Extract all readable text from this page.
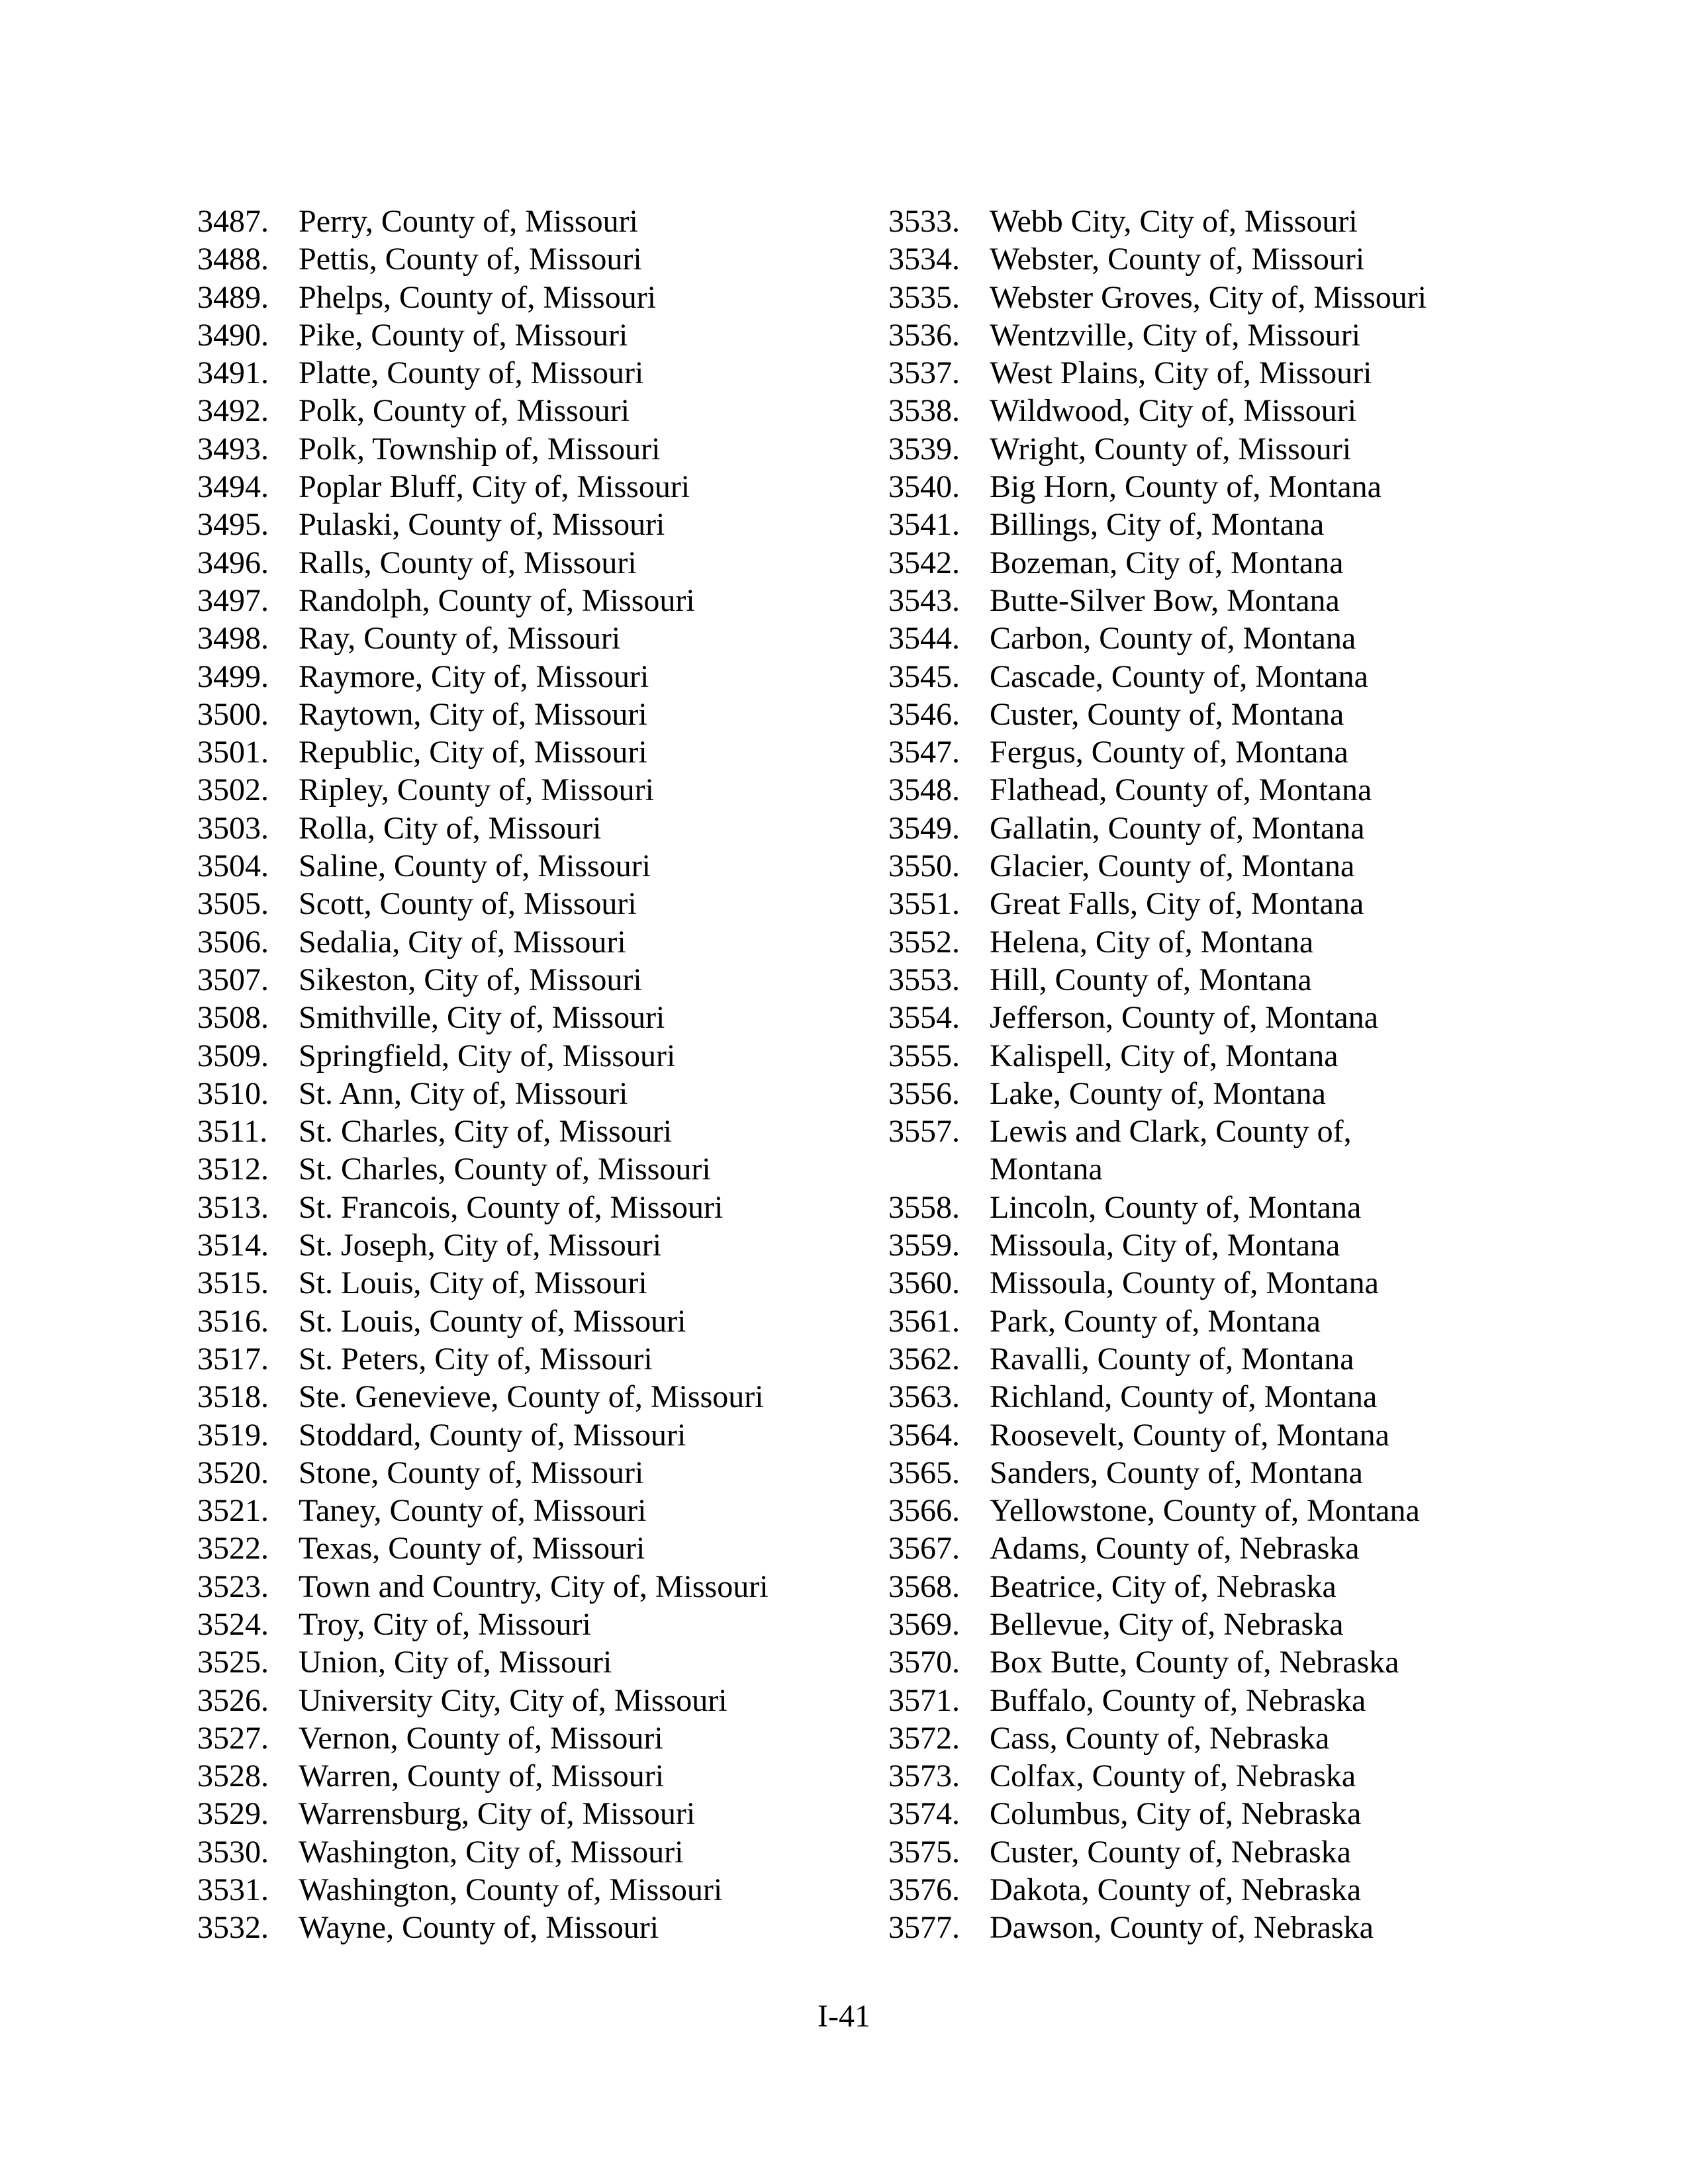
3487. Perry, County of, Missouri
3488. Pettis, County of, Missouri
3489. Phelps, County of, Missouri
3490. Pike, County of, Missouri
3491. Platte, County of, Missouri
3492. Polk, County of, Missouri
3493. Polk, Township of, Missouri
3494. Poplar Bluff, City of, Missouri
3495. Pulaski, County of, Missouri
3496. Ralls, County of, Missouri
3497. Randolph, County of, Missouri
3498. Ray, County of, Missouri
3499. Raymore, City of, Missouri
3500. Raytown, City of, Missouri
3501. Republic, City of, Missouri
3502. Ripley, County of, Missouri
3503. Rolla, City of, Missouri
3504. Saline, County of, Missouri
3505. Scott, County of, Missouri
3506. Sedalia, City of, Missouri
3507. Sikeston, City of, Missouri
3508. Smithville, City of, Missouri
3509. Springfield, City of, Missouri
3510. St. Ann, City of, Missouri
3511. St. Charles, City of, Missouri
3512. St. Charles, County of, Missouri
3513. St. Francois, County of, Missouri
3514. St. Joseph, City of, Missouri
3515. St. Louis, City of, Missouri
3516. St. Louis, County of, Missouri
3517. St. Peters, City of, Missouri
3518. Ste. Genevieve, County of, Missouri
3519. Stoddard, County of, Missouri
3520. Stone, County of, Missouri
3521. Taney, County of, Missouri
3522. Texas, County of, Missouri
3523. Town and Country, City of, Missouri
3524. Troy, City of, Missouri
3525. Union, City of, Missouri
3526. University City, City of, Missouri
3527. Vernon, County of, Missouri
3528. Warren, County of, Missouri
3529. Warrensburg, City of, Missouri
3530. Washington, City of, Missouri
3531. Washington, County of, Missouri
3532. Wayne, County of, Missouri
3533. Webb City, City of, Missouri
3534. Webster, County of, Missouri
3535. Webster Groves, City of, Missouri
3536. Wentzville, City of, Missouri
3537. West Plains, City of, Missouri
3538. Wildwood, City of, Missouri
3539. Wright, County of, Missouri
3540. Big Horn, County of, Montana
3541. Billings, City of, Montana
3542. Bozeman, City of, Montana
3543. Butte-Silver Bow, Montana
3544. Carbon, County of, Montana
3545. Cascade, County of, Montana
3546. Custer, County of, Montana
3547. Fergus, County of, Montana
3548. Flathead, County of, Montana
3549. Gallatin, County of, Montana
3550. Glacier, County of, Montana
3551. Great Falls, City of, Montana
3552. Helena, City of, Montana
3553. Hill, County of, Montana
3554. Jefferson, County of, Montana
3555. Kalispell, City of, Montana
3556. Lake, County of, Montana
3557. Lewis and Clark, County of, Montana
3558. Lincoln, County of, Montana
3559. Missoula, City of, Montana
3560. Missoula, County of, Montana
3561. Park, County of, Montana
3562. Ravalli, County of, Montana
3563. Richland, County of, Montana
3564. Roosevelt, County of, Montana
3565. Sanders, County of, Montana
3566. Yellowstone, County of, Montana
3567. Adams, County of, Nebraska
3568. Beatrice, City of, Nebraska
3569. Bellevue, City of, Nebraska
3570. Box Butte, County of, Nebraska
3571. Buffalo, County of, Nebraska
3572. Cass, County of, Nebraska
3573. Colfax, County of, Nebraska
3574. Columbus, City of, Nebraska
3575. Custer, County of, Nebraska
3576. Dakota, County of, Nebraska
3577. Dawson, County of, Nebraska
I-41
